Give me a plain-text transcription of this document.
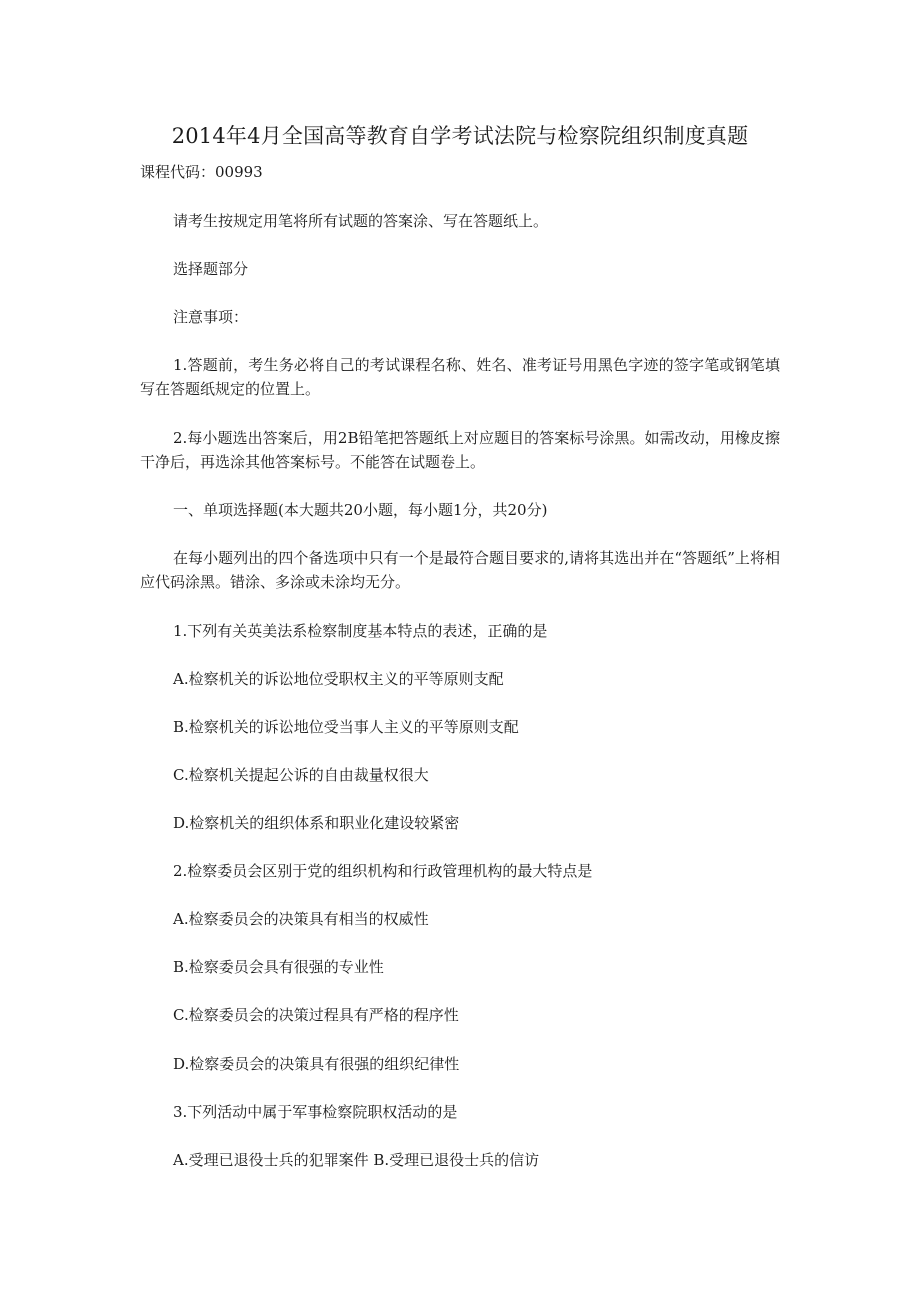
2014年4月全国高等教育自学考试法院与检察院组织制度真题
课程代码：00993
请考生按规定用笔将所有试题的答案涂、写在答题纸上。
选择题部分
注意事项：
1.答题前，考生务必将自己的考试课程名称、姓名、准考证号用黑色字迹的签字笔或钢笔填写在答题纸规定的位置上。
2.每小题选出答案后，用2B铅笔把答题纸上对应题目的答案标号涂黑。如需改动，用橡皮擦干净后，再选涂其他答案标号。不能答在试题卷上。
一、单项选择题(本大题共20小题，每小题1分，共20分)
在每小题列出的四个备选项中只有一个是最符合题目要求的,请将其选出并在“答题纸”上将相应代码涂黑。错涂、多涂或未涂均无分。
1.下列有关英美法系检察制度基本特点的表述，正确的是
A.检察机关的诉讼地位受职权主义的平等原则支配
B.检察机关的诉讼地位受当事人主义的平等原则支配
C.检察机关提起公诉的自由裁量权很大
D.检察机关的组织体系和职业化建设较紧密
2.检察委员会区别于党的组织机构和行政管理机构的最大特点是
A.检察委员会的决策具有相当的权威性
B.检察委员会具有很强的专业性
C.检察委员会的决策过程具有严格的程序性
D.检察委员会的决策具有很强的组织纪律性
3.下列活动中属于军事检察院职权活动的是
A.受理已退役士兵的犯罪案件 B.受理已退役士兵的信访
